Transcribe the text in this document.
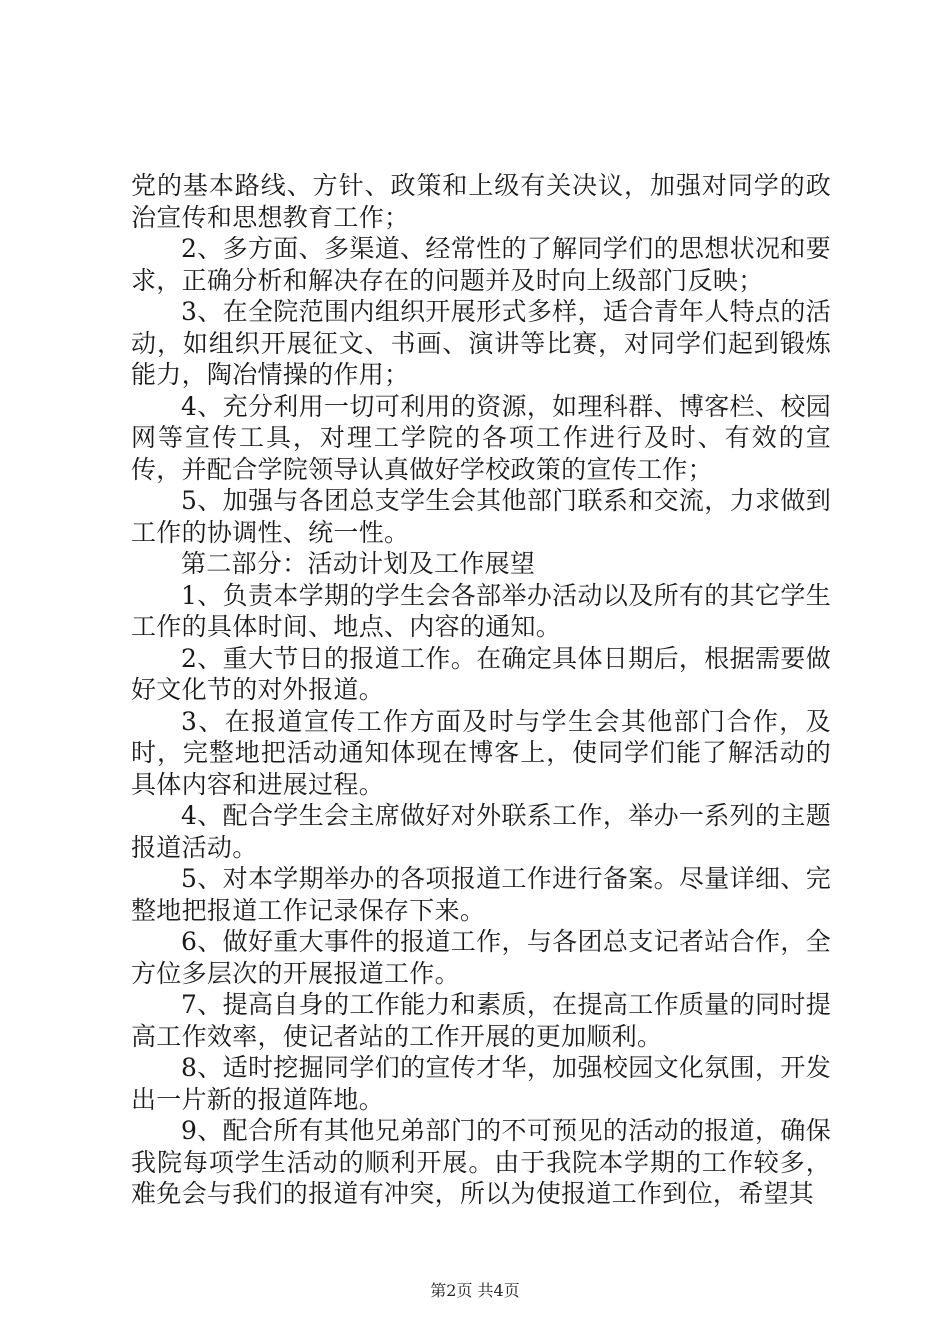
党的基本路线、方针、政策和上级有关决议，加强对同学的政治宣传和思想教育工作；

2、多方面、多渠道、经常性的了解同学们的思想状况和要求，正确分析和解决存在的问题并及时向上级部门反映；

3、在全院范围内组织开展形式多样，适合青年人特点的活动，如组织开展征文、书画、演讲等比赛，对同学们起到锻炼能力，陶冶情操的作用；

4、充分利用一切可利用的资源，如理科群、博客栏、校园网等宣传工具，对理工学院的各项工作进行及时、有效的宣传，并配合学院领导认真做好学校政策的宣传工作；

5、加强与各团总支学生会其他部门联系和交流，力求做到工作的协调性、统一性。

第二部分：活动计划及工作展望

1、负责本学期的学生会各部举办活动以及所有的其它学生工作的具体时间、地点、内容的通知。

2、重大节日的报道工作。在确定具体日期后，根据需要做好文化节的对外报道。

3、在报道宣传工作方面及时与学生会其他部门合作，及时，完整地把活动通知体现在博客上，使同学们能了解活动的具体内容和进展过程。

4、配合学生会主席做好对外联系工作，举办一系列的主题报道活动。

5、对本学期举办的各项报道工作进行备案。尽量详细、完整地把报道工作记录保存下来。

6、做好重大事件的报道工作，与各团总支记者站合作，全方位多层次的开展报道工作。

7、提高自身的工作能力和素质，在提高工作质量的同时提高工作效率，使记者站的工作开展的更加顺利。

8、适时挖掘同学们的宣传才华，加强校园文化氛围，开发出一片新的报道阵地。

9、配合所有其他兄弟部门的不可预见的活动的报道，确保我院每项学生活动的顺利开展。由于我院本学期的工作较多，难免会与我们的报道有冲突，所以为使报道工作到位，希望其

第2页 共4页
